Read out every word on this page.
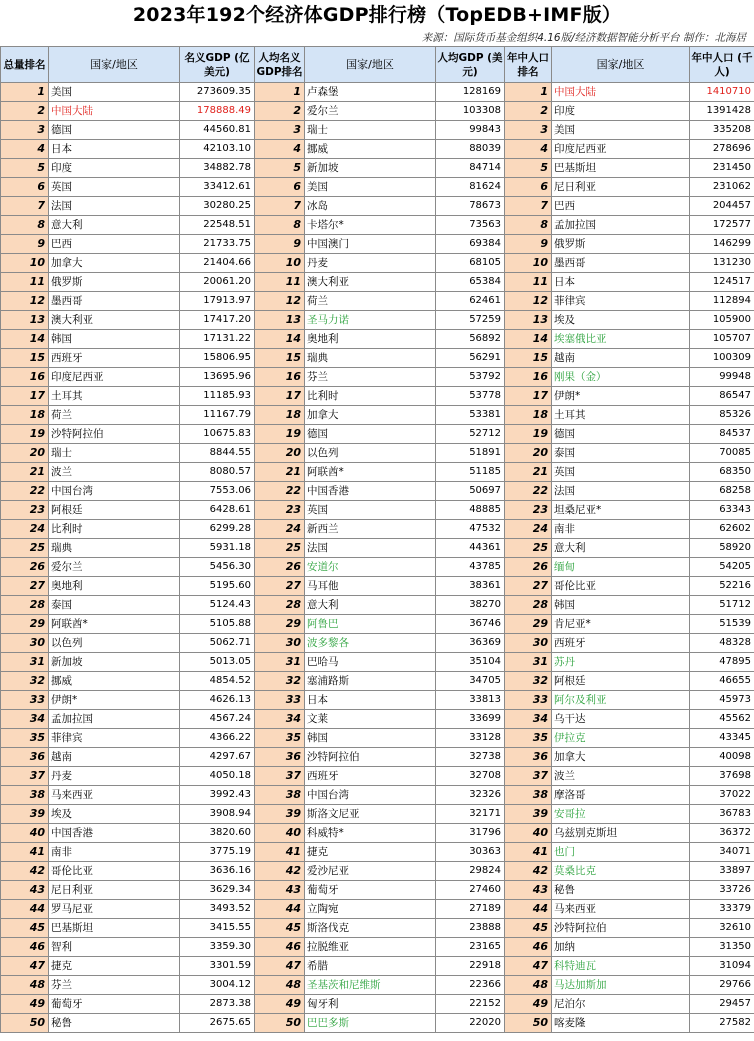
2023年192个经济体GDP排行榜（TopEDB+IMF版）
来源：国际货币基金组织4.16版/经济数据智能分析平台 制作：北海居
总量排名	国家/地区	名义GDP (亿美元)	人均名义GDP排名	国家/地区	人均GDP (美元)	年中人口排名	国家/地区	年中人口 (千人)
1	美国	273609.35	1	卢森堡	128169	1	中国大陆	1410710
2	中国大陆	178888.49	2	爱尔兰	103308	2	印度	1391428
3	德国	44560.81	3	瑞士	99843	3	美国	335208
4	日本	42103.10	4	挪威	88039	4	印度尼西亚	278696
5	印度	34882.78	5	新加坡	84714	5	巴基斯坦	231450
6	英国	33412.61	6	美国	81624	6	尼日利亚	231062
7	法国	30280.25	7	冰岛	78673	7	巴西	204457
8	意大利	22548.51	8	卡塔尔*	73563	8	孟加拉国	172577
9	巴西	21733.75	9	中国澳门	69384	9	俄罗斯	146299
10	加拿大	21404.66	10	丹麦	68105	10	墨西哥	131230
11	俄罗斯	20061.20	11	澳大利亚	65384	11	日本	124517
12	墨西哥	17913.97	12	荷兰	62461	12	菲律宾	112894
13	澳大利亚	17417.20	13	圣马力诺	57259	13	埃及	105900
14	韩国	17131.22	14	奥地利	56892	14	埃塞俄比亚	105707
15	西班牙	15806.95	15	瑞典	56291	15	越南	100309
16	印度尼西亚	13695.96	16	芬兰	53792	16	刚果（金）	99948
17	土耳其	11185.93	17	比利时	53778	17	伊朗*	86547
18	荷兰	11167.79	18	加拿大	53381	18	土耳其	85326
19	沙特阿拉伯	10675.83	19	德国	52712	19	德国	84537
20	瑞士	8844.55	20	以色列	51891	20	泰国	70085
21	波兰	8080.57	21	阿联酋*	51185	21	英国	68350
22	中国台湾	7553.06	22	中国香港	50697	22	法国	68258
23	阿根廷	6428.61	23	英国	48885	23	坦桑尼亚*	63343
24	比利时	6299.28	24	新西兰	47532	24	南非	62602
25	瑞典	5931.18	25	法国	44361	25	意大利	58920
26	爱尔兰	5456.30	26	安道尔	43785	26	缅甸	54205
27	奥地利	5195.60	27	马耳他	38361	27	哥伦比亚	52216
28	泰国	5124.43	28	意大利	38270	28	韩国	51712
29	阿联酋*	5105.88	29	阿鲁巴	36746	29	肯尼亚*	51539
30	以色列	5062.71	30	波多黎各	36369	30	西班牙	48328
31	新加坡	5013.05	31	巴哈马	35104	31	苏丹	47895
32	挪威	4854.52	32	塞浦路斯	34705	32	阿根廷	46655
33	伊朗*	4626.13	33	日本	33813	33	阿尔及利亚	45973
34	孟加拉国	4567.24	34	文莱	33699	34	乌干达	45562
35	菲律宾	4366.22	35	韩国	33128	35	伊拉克	43345
36	越南	4297.67	36	沙特阿拉伯	32738	36	加拿大	40098
37	丹麦	4050.18	37	西班牙	32708	37	波兰	37698
38	马来西亚	3992.43	38	中国台湾	32326	38	摩洛哥	37022
39	埃及	3908.94	39	斯洛文尼亚	32171	39	安哥拉	36783
40	中国香港	3820.60	40	科威特*	31796	40	乌兹别克斯坦	36372
41	南非	3775.19	41	捷克	30363	41	也门	34071
42	哥伦比亚	3636.16	42	爱沙尼亚	29824	42	莫桑比克	33897
43	尼日利亚	3629.34	43	葡萄牙	27460	43	秘鲁	33726
44	罗马尼亚	3493.52	44	立陶宛	27189	44	马来西亚	33379
45	巴基斯坦	3415.55	45	斯洛伐克	23888	45	沙特阿拉伯	32610
46	智利	3359.30	46	拉脱维亚	23165	46	加纳	31350
47	捷克	3301.59	47	希腊	22918	47	科特迪瓦	31094
48	芬兰	3004.12	48	圣基茨和尼维斯	22366	48	马达加斯加	29766
49	葡萄牙	2873.38	49	匈牙利	22152	49	尼泊尔	29457
50	秘鲁	2675.65	50	巴巴多斯	22020	50	喀麦隆	27582
